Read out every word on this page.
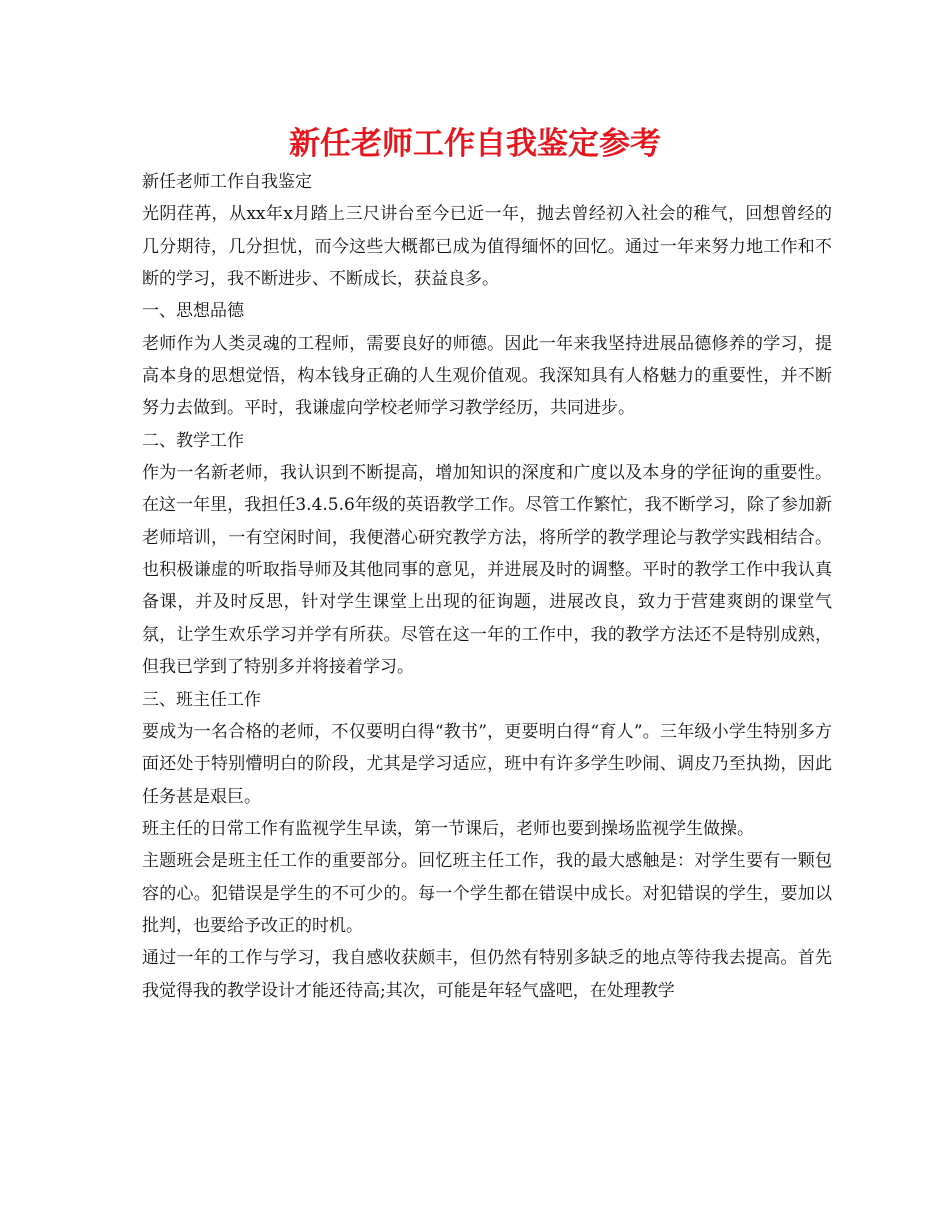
新任老师工作自我鉴定参考

新任老师工作自我鉴定

光阴荏苒，从xx年x月踏上三尺讲台至今已近一年，抛去曾经初入社会的稚气，回想曾经的几分期待，几分担忧，而今这些大概都已成为值得缅怀的回忆。通过一年来努力地工作和不断的学习，我不断进步、不断成长，获益良多。

一、思想品德

老师作为人类灵魂的工程师，需要良好的师德。因此一年来我坚持进展品德修养的学习，提高本身的思想觉悟，构本钱身正确的人生观价值观。我深知具有人格魅力的重要性，并不断努力去做到。平时，我谦虚向学校老师学习教学经历，共同进步。

二、教学工作

作为一名新老师，我认识到不断提高，增加知识的深度和广度以及本身的学征询的重要性。在这一年里，我担任3.4.5.6年级的英语教学工作。尽管工作繁忙，我不断学习，除了参加新老师培训，一有空闲时间，我便潜心研究教学方法，将所学的教学理论与教学实践相结合。也积极谦虚的听取指导师及其他同事的意见，并进展及时的调整。平时的教学工作中我认真备课，并及时反思，针对学生课堂上出现的征询题，进展改良，致力于营建爽朗的课堂气氛，让学生欢乐学习并学有所获。尽管在这一年的工作中，我的教学方法还不是特别成熟，但我已学到了特别多并将接着学习。

三、班主任工作

要成为一名合格的老师，不仅要明白得“教书”，更要明白得“育人”。三年级小学生特别多方面还处于特别懵明白的阶段，尤其是学习适应，班中有许多学生吵闹、调皮乃至执拗，因此任务甚是艰巨。

班主任的日常工作有监视学生早读，第一节课后，老师也要到操场监视学生做操。

主题班会是班主任工作的重要部分。回忆班主任工作，我的最大感触是：对学生要有一颗包容的心。犯错误是学生的不可少的。每一个学生都在错误中成长。对犯错误的学生，要加以批判，也要给予改正的时机。

通过一年的工作与学习，我自感收获颇丰，但仍然有特别多缺乏的地点等待我去提高。首先我觉得我的教学设计才能还待高;其次，可能是年轻气盛吧，在处理教学
